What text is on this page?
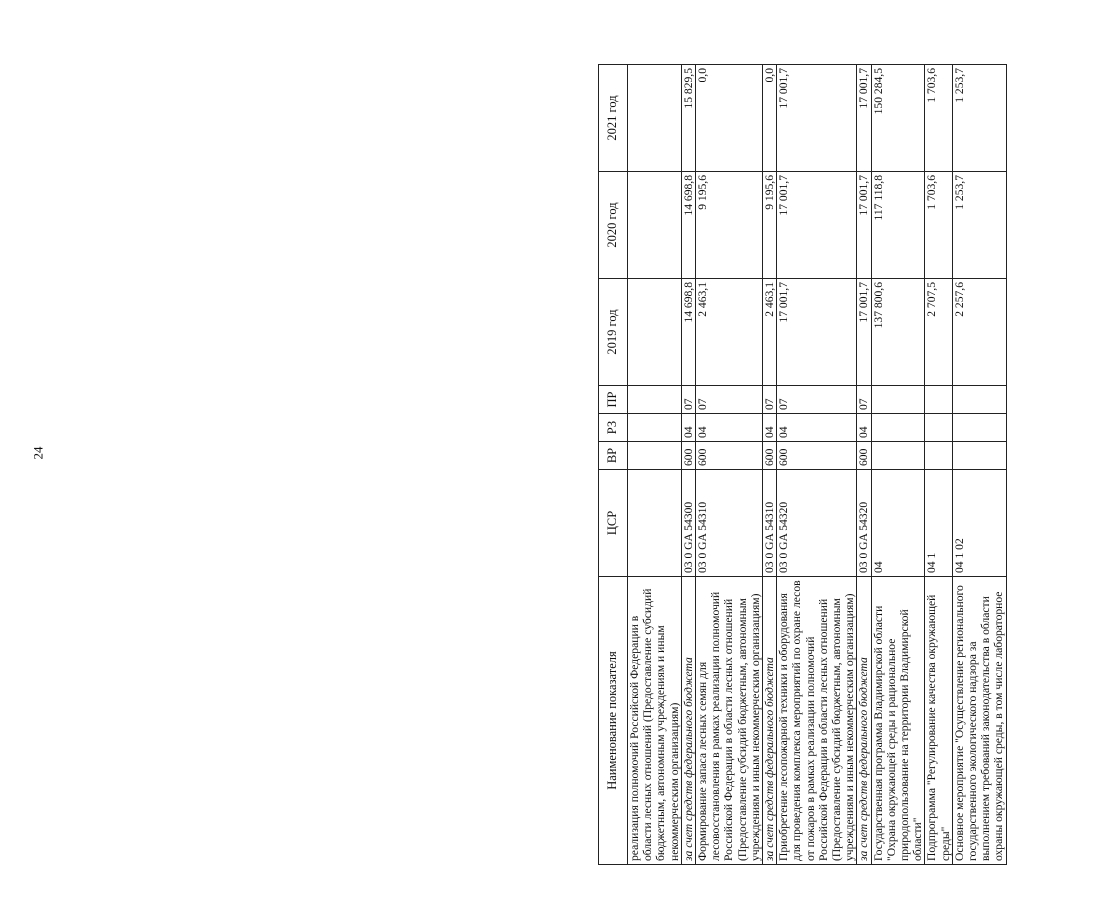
24
Наименование показателя	ЦСР	ВР	РЗ	ПР	2019 год	2020 год	2021 год
реализация полномочий Российской Федерации в области лесных отношений (Предоставление субсидий бюджетным, автономным учреждениям и иным некоммерческим организациям)							
за счет средств федерального бюджета	03 0 GA 54300	600	04	07	14 698,8	14 698,8	15 829,5
Формирование запаса лесных семян для лесовосстановления в рамках реализации полномочий Российской Федерации в области лесных отношений (Предоставление субсидий бюджетным, автономным учреждениям и иным некоммерческим организациям)	03 0 GA 54310	600	04	07	2 463,1	9 195,6	0,0
за счет средств федерального бюджета	03 0 GA 54310	600	04	07	2 463,1	9 195,6	0,0
Приобретение лесопожарной техники и оборудования для проведения комплекса мероприятий по охране лесов от пожаров в рамках реализации полномочий Российской Федерации в области лесных отношений (Предоставление субсидий бюджетным, автономным учреждениям и иным некоммерческим организациям)	03 0 GA 54320	600	04	07	17 001,7	17 001,7	17 001,7
за счет средств федерального бюджета	03 0 GA 54320	600	04	07	17 001,7	17 001,7	17 001,7
Государственная программа Владимирской области "Охрана окружающей среды и рациональное природопользование на территории Владимирской области"	04				137 800,6	117 118,8	150 284,5
Подпрограмма "Регулирование качества окружающей среды"	04 1				2 707,5	1 703,6	1 703,6
Основное мероприятие "Осуществление регионального государственного экологического надзора за выполнением требований законодательства в области охраны окружающей среды, в том числе лабораторное	04 1 02				2 257,6	1 253,7	1 253,7
